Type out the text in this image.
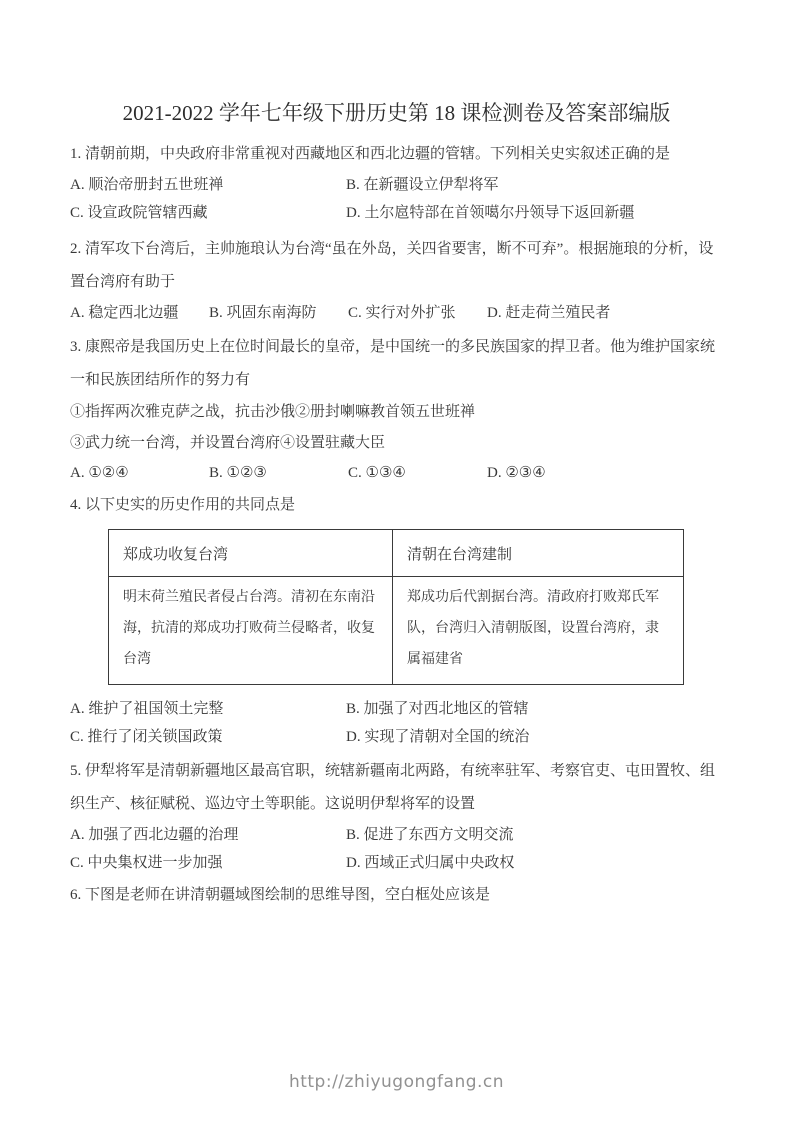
2021-2022 学年七年级下册历史第 18 课检测卷及答案部编版

1. 清朝前期，中央政府非常重视对西藏地区和西北边疆的管辖。下列相关史实叙述正确的是

A. 顺治帝册封五世班禅	B. 在新疆设立伊犁将军
C. 设宣政院管辖西藏	D. 土尔扈特部在首领噶尔丹领导下返回新疆

2. 清军攻下台湾后，主帅施琅认为台湾“虽在外岛，关四省要害，断不可弃”。根据施琅的分析，设置台湾府有助于

A. 稳定西北边疆	B. 巩固东南海防	C. 实行对外扩张	D. 赶走荷兰殖民者

3. 康熙帝是我国历史上在位时间最长的皇帝，是中国统一的多民族国家的捍卫者。他为维护国家统一和民族团结所作的努力有

①指挥两次雅克萨之战，抗击沙俄②册封喇嘛教首领五世班禅

③武力统一台湾，并设置台湾府④设置驻藏大臣

A. ①②④	B. ①②③	C. ①③④	D. ②③④

4. 以下史实的历史作用的共同点是

郑成功收复台湾	清朝在台湾建制
明末荷兰殖民者侵占台湾。清初在东南沿海，抗清的郑成功打败荷兰侵略者，收复台湾	郑成功后代割据台湾。清政府打败郑氏军队，台湾归入清朝版图，设置台湾府，隶属福建省
A. 维护了祖国领土完整	B. 加强了对西北地区的管辖
C. 推行了闭关锁国政策	D. 实现了清朝对全国的统治

5. 伊犁将军是清朝新疆地区最高官职，统辖新疆南北两路，有统率驻军、考察官吏、屯田置牧、组织生产、核征赋税、巡边守土等职能。这说明伊犁将军的设置

A. 加强了西北边疆的治理	B. 促进了东西方文明交流
C. 中央集权进一步加强	D. 西域正式归属中央政权

6. 下图是老师在讲清朝疆域图绘制的思维导图，空白框处应该是

http://zhiyugongfang.cn
